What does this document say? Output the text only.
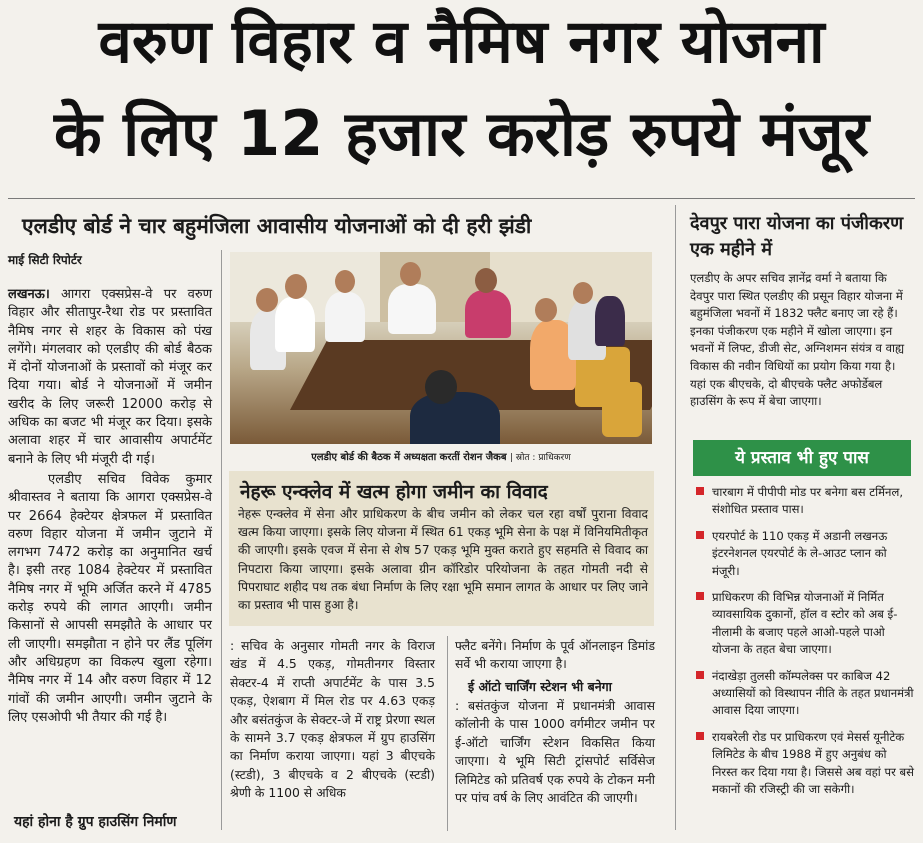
वरुण विहार व नैमिष नगर योजना
के लिए 12 हजार करोड़ रुपये मंजूर
एलडीए बोर्ड ने चार बहुमंजिला आवासीय योजनाओं को दी हरी झंडी
माई सिटी रिपोर्टर

लखनऊ। आगरा एक्सप्रेस-वे पर वरुण विहार और सीतापुर-रैथा रोड पर प्रस्तावित नैमिष नगर से शहर के विकास को पंख लगेंगे। मंगलवार को एलडीए की बोर्ड बैठक में दोनों योजनाओं के प्रस्तावों को मंजूर कर दिया गया। बोर्ड ने योजनाओं में जमीन खरीद के लिए जरूरी 12000 करोड़ से अधिक का बजट भी मंजूर कर दिया। इसके अलावा शहर में चार आवासीय अपार्टमेंट बनाने के लिए भी मंजूरी दी गई।

एलडीए सचिव विवेक कुमार श्रीवास्तव ने बताया कि आगरा एक्सप्रेस-वे पर 2664 हेक्टेयर क्षेत्रफल में प्रस्तावित वरुण विहार योजना में जमीन जुटाने में लगभग 7472 करोड़ का अनुमानित खर्च है। इसी तरह 1084 हेक्टेयर में प्रस्तावित नैमिष नगर में भूमि अर्जित करने में 4785 करोड़ रुपये की लागत आएगी। जमीन किसानों से आपसी समझौते के आधार पर ली जाएगी। समझौता न होने पर लैंड पूलिंग और अधिग्रहण का विकल्प खुला रहेगा। नैमिष नगर में 14 और वरुण विहार में 12 गांवों की जमीन आएगी। जमीन जुटाने के लिए एसओपी भी तैयार की गई है।

यहां होना है ग्रुप हाउसिंग निर्माण
एलडीए बोर्ड की बैठक में अध्यक्षता करतीं रोशन जैकब | स्रोत : प्राधिकरण
नेहरू एन्क्लेव में खत्म होगा जमीन का विवाद
नेहरू एन्क्लेव में सेना और प्राधिकरण के बीच जमीन को लेकर चल रहा वर्षों पुराना विवाद खत्म किया जाएगा। इसके लिए योजना में स्थित 61 एकड़ भूमि सेना के पक्ष में विनियमितीकृत की जाएगी। इसके एवज में सेना से शेष 57 एकड़ भूमि मुक्त कराते हुए सहमति से विवाद का निपटारा किया जाएगा। इसके अलावा ग्रीन कॉरिडोर परियोजना के तहत गोमती नदी से पिपराघाट शहीद पथ तक बंधा निर्माण के लिए रक्षा भूमि समान लागत के आधार पर लिए जाने का प्रस्ताव भी पास हुआ है।
: सचिव के अनुसार गोमती नगर के विराज खंड में 4.5 एकड़, गोमतीनगर विस्तार सेक्टर-4 में राप्ती अपार्टमेंट के पास 3.5 एकड़, ऐशबाग में मिल रोड पर 4.63 एकड़ और बसंतकुंज के सेक्टर-जे में राष्ट्र प्रेरणा स्थल के सामने 3.7 एकड़ क्षेत्रफल में ग्रुप हाउसिंग का निर्माण कराया जाएगा। यहां 3 बीएचके (स्टडी), 3 बीएचके व 2 बीएचके (स्टडी) श्रेणी के 1100 से अधिक
फ्लैट बनेंगे। निर्माण के पूर्व ऑनलाइन डिमांड सर्वे भी कराया जाएगा है।
ई ऑटो चार्जिंग स्टेशन भी बनेगा
: बसंतकुंज योजना में प्रधानमंत्री आवास कॉलोनी के पास 1000 वर्गमीटर जमीन पर ई-ऑटो चार्जिंग स्टेशन विकसित किया जाएगा। ये भूमि सिटी ट्रांसपोर्ट सर्विसेज लिमिटेड को प्रतिवर्ष एक रुपये के टोकन मनी पर पांच वर्ष के लिए आवंटित की जाएगी।
देवपुर पारा योजना का पंजीकरण एक महीने में
एलडीए के अपर सचिव ज्ञानेंद्र वर्मा ने बताया कि देवपुर पारा स्थित एलडीए की प्रसून विहार योजना में बहुमंजिला भवनों में 1832 फ्लैट बनाए जा रहे हैं। इनका पंजीकरण एक महीने में खोला जाएगा। इन भवनों में लिफ्ट, डीजी सेट, अग्निशमन संयंत्र व वाह्य विकास की नवीन विधियों का प्रयोग किया गया है। यहां एक बीएचके, दो बीएचके फ्लैट अफोर्डेबल हाउसिंग के रूप में बेचा जाएगा।
ये प्रस्ताव भी हुए पास
चारबाग में पीपीपी मोड पर बनेगा बस टर्मिनल, संशोधित प्रस्ताव पास।
एयरपोर्ट के 110 एकड़ में अडानी लखनऊ इंटरनेशनल एयरपोर्ट के ले-आउट प्लान को मंजूरी।
प्राधिकरण की विभिन्न योजनाओं में निर्मित व्यावसायिक दुकानों, हॉल व स्टोर को अब ई-नीलामी के बजाए पहले आओ-पहले पाओ योजना के तहत बेचा जाएगा।
नंदाखेड़ा तुलसी कॉम्पलेक्स पर काबिज 42 अध्यासियों को विस्थापन नीति के तहत प्रधानमंत्री आवास दिया जाएगा।
रायबरेली रोड पर प्राधिकरण एवं मेसर्स यूनीटेक लिमिटेड के बीच 1988 में हुए अनुबंध को निरस्त कर दिया गया है। जिससे अब वहां पर बसे मकानों की रजिस्ट्री की जा सकेगी।
